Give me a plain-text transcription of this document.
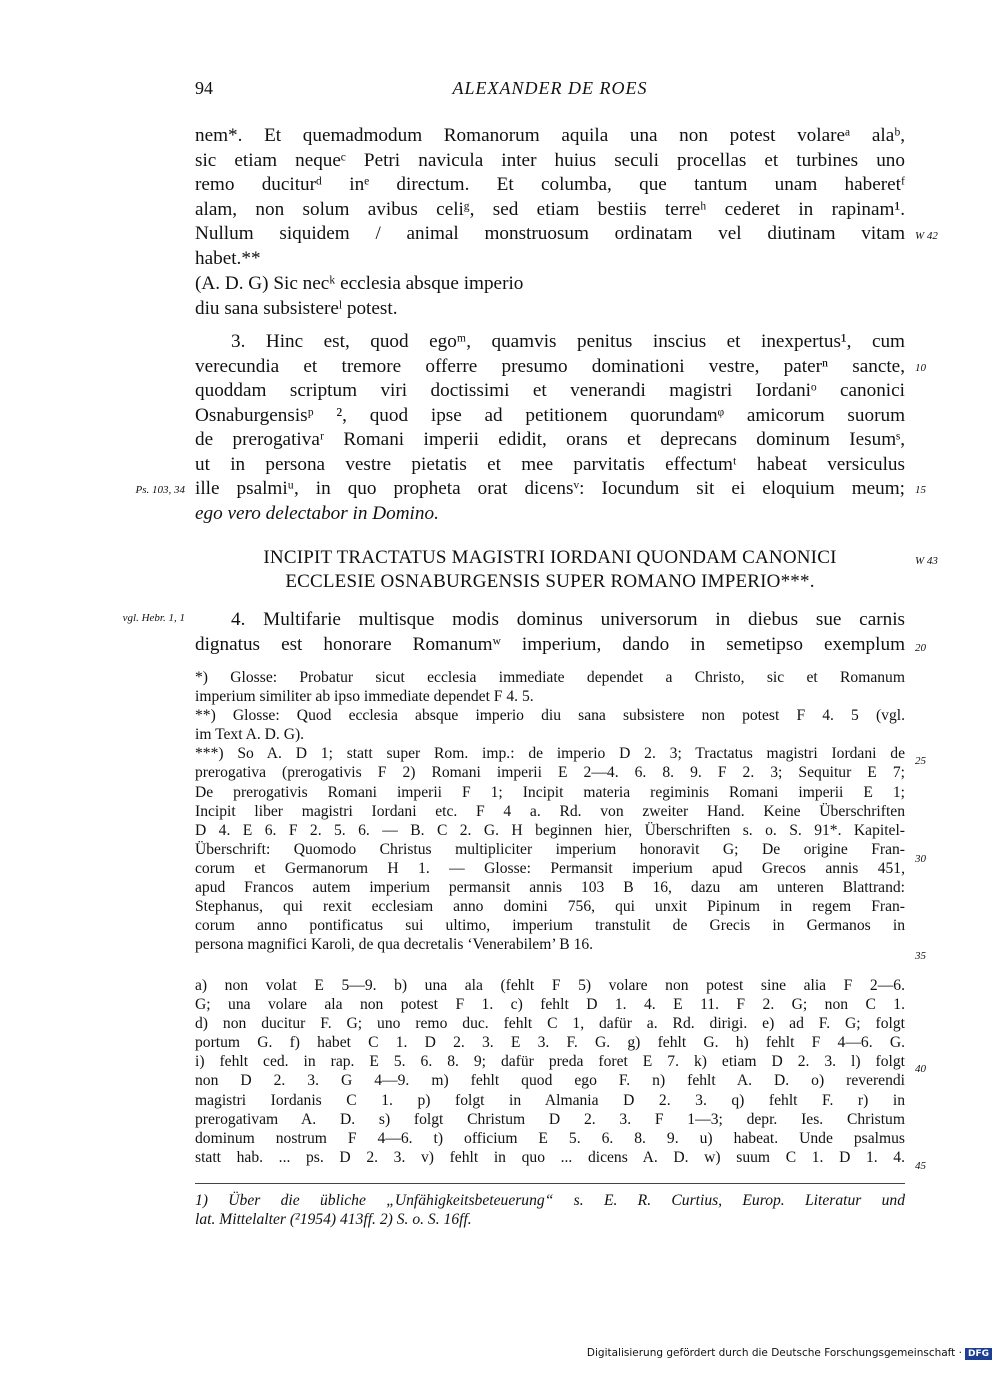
94	ALEXANDER DE ROES
nem*. Et quemadmodum Romanorum aquila una non potest volareᵃ alaᵇ,
sic etiam nequeᶜ Petri navicula inter huius seculi procellas et turbines uno
remo duciturᵈ inᵉ directum. Et columba, que tantum unam haberetᶠ
alam, non solum avibus celiᵍ, sed etiam bestiis terreʰ cederet in rapinam¹.
Nullum siquidem / animal monstruosum ordinatam vel diutinam vitam
habet.**
(A. D. G) Sic necᵏ ecclesia absque imperio
diu sana subsistereˡ potest.
3. Hinc est, quod egoᵐ, quamvis penitus inscius et inexpertus¹, cum
verecundia et tremore offerre presumo dominationi vestre, paterⁿ sancte,
quoddam scriptum viri doctissimi et venerandi magistri Iordaniᵒ canonici
Osnaburgensisᵖ ², quod ipse ad petitionem quorundamᵠ amicorum suorum
de prerogativaʳ Romani imperii edidit, orans et deprecans dominum Iesumˢ,
ut in persona vestre pietatis et mee parvitatis effectumᵗ habeat versiculus
ille psalmiᵘ, in quo propheta orat dicensᵛ: Iocundum sit ei eloquium meum;
ego vero delectabor in Domino.
INCIPIT TRACTATUS MAGISTRI IORDANI QUONDAM CANONICI
ECCLESIE OSNABURGENSIS SUPER ROMANO IMPERIO***.
4. Multifarie multisque modis dominus universorum in diebus sue carnis
dignatus est honorare Romanumʷ imperium, dando in semetipso exemplum
*) Glosse: Probatur sicut ecclesia immediate dependet a Christo, sic et Romanum
imperium similiter ab ipso immediate dependet F 4. 5.
**) Glosse: Quod ecclesia absque imperio diu sana subsistere non potest F 4. 5 (vgl.
im Text A. D. G).
***) So A. D 1; statt super Rom. imp.: de imperio D 2. 3; Tractatus magistri Iordani de
prerogativa (prerogativis F 2) Romani imperii E 2—4. 6. 8. 9. F 2. 3; Sequitur E 7;
De prerogativis Romani imperii F 1; Incipit materia regiminis Romani imperii E 1;
Incipit liber magistri Iordani etc. F 4 a. Rd. von zweiter Hand. Keine Überschriften
D 4. E 6. F 2. 5. 6. — B. C 2. G. H beginnen hier, Überschriften s. o. S. 91*. Kapitel-
Überschrift: Quomodo Christus multipliciter imperium honoravit G; De origine Fran-
corum et Germanorum H 1. — Glosse: Permansit imperium apud Grecos annis 451,
apud Francos autem imperium permansit annis 103 B 16, dazu am unteren Blattrand:
Stephanus, qui rexit ecclesiam anno domini 756, qui unxit Pipinum in regem Fran-
corum anno pontificatus sui ultimo, imperium transtulit de Grecis in Germanos in
persona magnifici Karoli, de qua decretalis ‘Venerabilem’ B 16.
a) non volat E 5—9. b) una ala (fehlt F 5) volare non potest sine alia F 2—6.
G; una volare ala non potest F 1. c) fehlt D 1. 4. E 11. F 2. G; non C 1.
d) non ducitur F. G; uno remo duc. fehlt C 1, dafür a. Rd. dirigi. e) ad F. G; folgt
portum G. f) habet C 1. D 2. 3. E 3. F. G. g) fehlt G. h) fehlt F 4—6. G.
i) fehlt ced. in rap. E 5. 6. 8. 9; dafür preda foret E 7. k) etiam D 2. 3. l) folgt
non D 2. 3. G 4—9. m) fehlt quod ego F. n) fehlt A. D. o) reverendi
magistri Iordanis C 1. p) folgt in Almania D 2. 3. q) fehlt F. r) in
prerogativam A. D. s) folgt Christum D 2. 3. F 1—3; depr. Ies. Christum
dominum nostrum F 4—6. t) officium E 5. 6. 8. 9. u) habeat. Unde psalmus
statt hab. ... ps. D 2. 3. v) fehlt in quo ... dicens A. D. w) suum C 1. D 1. 4.
1) Über die übliche „Unfähigkeitsbeteuerung“ s. E. R. Curtius, Europ. Literatur und
lat. Mittelalter (²1954) 413ff. 2) S. o. S. 16ff.
W 42
10
Ps. 103, 34	15
W 43
vgl. Hebr. 1, 1
20
25
30
35
40
45
Digitalisierung gefördert durch die Deutsche Forschungsgemeinschaft · DFG
